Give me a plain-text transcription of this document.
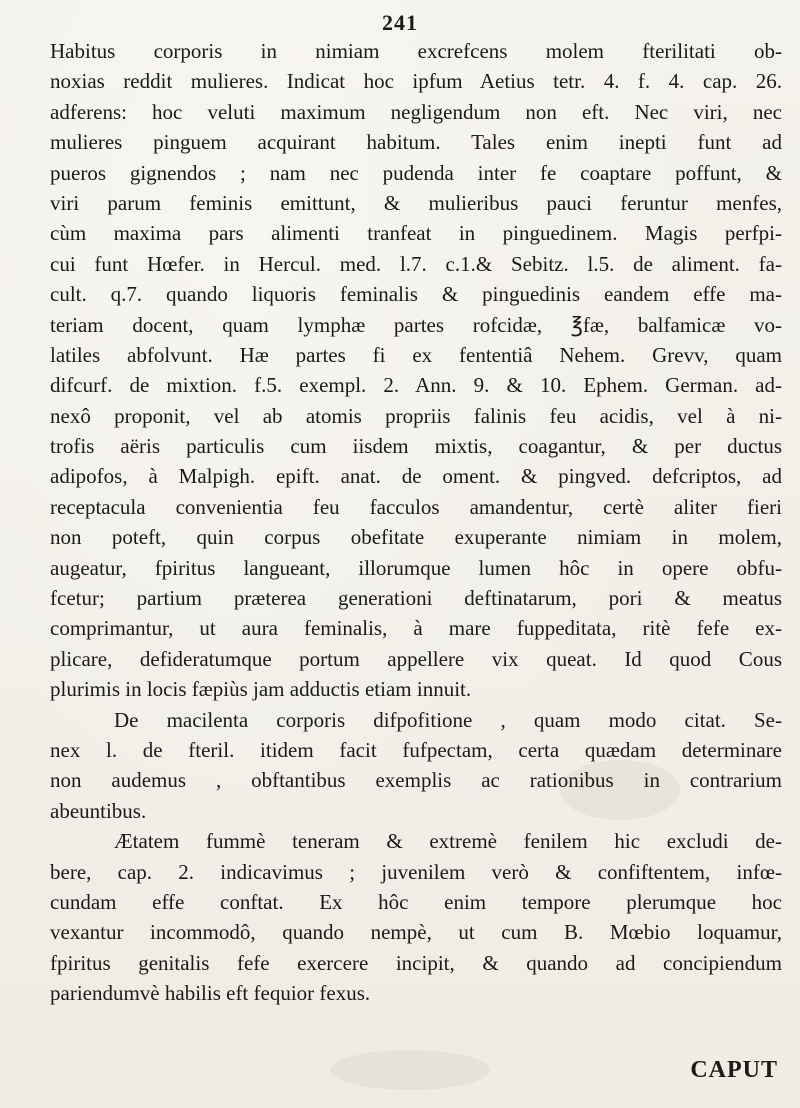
241
Habitus corporis in nimiam excrefcens molem fterilitati ob-
noxias reddit mulieres. Indicat hoc ipfum Aetius tetr. 4. f. 4. cap. 26.
adferens: hoc veluti maximum negligendum non eft. Nec viri, nec
mulieres pinguem acquirant habitum. Tales enim inepti funt ad
pueros gignendos ; nam nec pudenda inter fe coaptare poffunt, &
viri parum feminis emittunt, & mulieribus pauci feruntur menfes,
cùm maxima pars alimenti tranfeat in pinguedinem. Magis perfpi-
cui funt Hœfer. in Hercul. med. l.7. c.1.& Sebitz. l.5. de aliment. fa-
cult. q.7. quando liquoris feminalis & pinguedinis eandem effe ma-
teriam docent, quam lymphæ partes rofcidæ, ℥fæ, balfamicæ vo-
latiles abfolvunt. Hæ partes fi ex fententiâ Nehem. Grevv, quam
difcurf. de mixtion. f.5. exempl. 2. Ann. 9. & 10. Ephem. German. ad-
nexô proponit, vel ab atomis propriis falinis feu acidis, vel à ni-
trofis aëris particulis cum iisdem mixtis, coagantur, & per ductus
adipofos, à Malpigh. epift. anat. de oment. & pingved. defcriptos, ad
receptacula convenientia feu facculos amandentur, certè aliter fieri
non poteft, quin corpus obefitate exuperante nimiam in molem,
augeatur, fpiritus langueant, illorumque lumen hôc in opere obfu-
fcetur; partium præterea generationi deftinatarum, pori & meatus
comprimantur, ut aura feminalis, à mare fuppeditata, ritè fefe ex-
plicare, defideratumque portum appellere vix queat. Id quod Cous
plurimis in locis fæpiùs jam adductis etiam innuit.
De macilenta corporis difpofitione , quam modo citat. Se-
nex l. de fteril. itidem facit fufpectam, certa quædam determinare
non audemus , obftantibus exemplis ac rationibus in contrarium
abeuntibus.
Ætatem fummè teneram & extremè fenilem hic excludi de-
bere, cap. 2. indicavimus ; juvenilem verò & confiftentem, infœ-
cundam effe conftat. Ex hôc enim tempore plerumque hoc
vexantur incommodô, quando nempè, ut cum B. Mœbio loquamur,
fpiritus genitalis fefe exercere incipit, & quando ad concipiendum
pariendumvè habilis eft fequior fexus.
CAPUT
